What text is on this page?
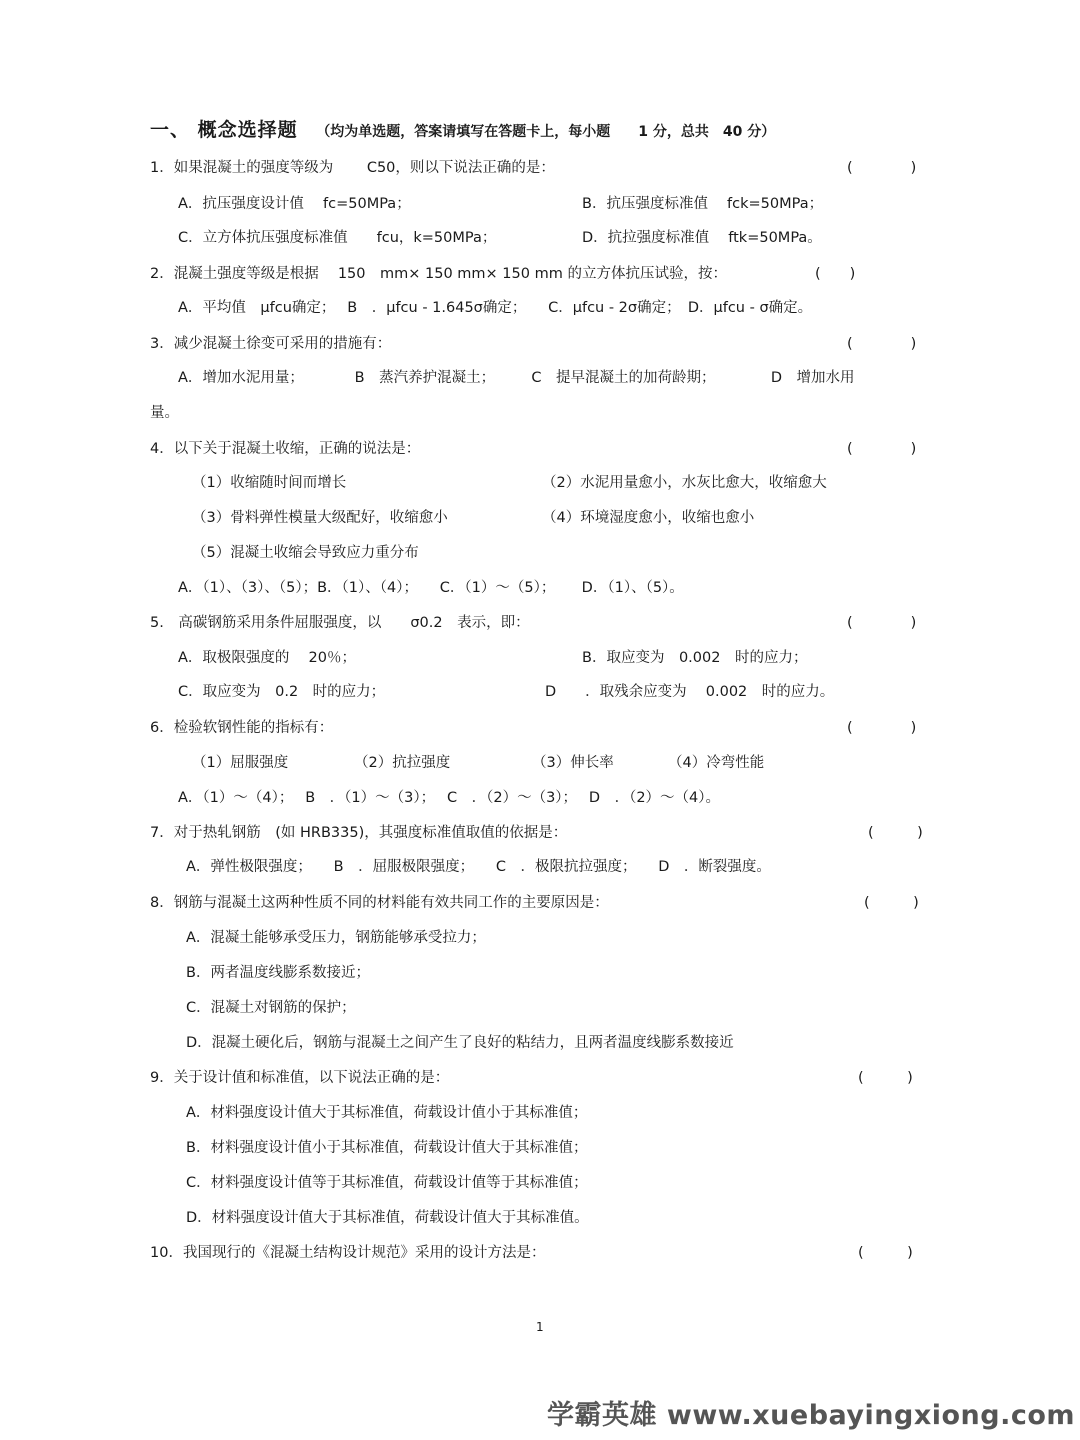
一、 概念选择题 （均为单选题，答案请填写在答题卡上，每小题　　1 分，总共　40 分）
1．如果混凝土的强度等级为　　 C50，则以下说法正确的是：	(　　　　)
A．抗压强度设计值　 fc=50MPa；	B．抗压强度标准值　 fck=50MPa；
C．立方体抗压强度标准值　　fcu，k=50MPa；	D．抗拉强度标准值　 ftk=50MPa。
2．混凝土强度等级是根据　 150　mm× 150 mm× 150 mm 的立方体抗压试验，按：	(　　)
A．平均值　μfcu确定；　 B　．μfcu - 1.645σ确定；　　C．μfcu - 2σ确定；　D．μfcu - σ确定。
3．减少混凝土徐变可采用的措施有：	(　　　　)
A．增加水泥用量；　　　　B　蒸汽养护混凝土；　　　C　提早混凝土的加荷龄期；　　　　 D　增加水用
量。
4．以下关于混凝土收缩，正确的说法是：	(　　　　)
（1）收缩随时间而增长	（2）水泥用量愈小，水灰比愈大，收缩愈大
（3）骨料弹性模量大级配好，收缩愈小	（4）环境湿度愈小，收缩也愈小
（5）混凝土收缩会导致应力重分布
A．（1）、（3）、（5）；B．（1）、（4）；　　C．（1）～（5）；　　 D．（1）、（5）。
5.　高碳钢筋采用条件屈服强度，以　　σ0.2　表示，即：	(　　　　)
A．取极限强度的　 20％；	B．取应变为　0.002　时的应力；
C．取应变为　0.2　时的应力；	D　　．取残余应变为　 0.002　时的应力。
6．检验软钢性能的指标有：	(　　　　)
（1）屈服强度	（2）抗拉强度	（3）伸长率	（4）冷弯性能
A．（1）～（4）；　 B　．（1）～（3）；　 C　．（2）～（3）；　 D　．（2）～（4）。
7．对于热轧钢筋　(如 HRB335)，其强度标准值取值的依据是：	(　　　)
A．弹性极限强度；　　B　．屈服极限强度；　　C　．极限抗拉强度；　　D　．断裂强度。
8．钢筋与混凝土这两种性质不同的材料能有效共同工作的主要原因是：	(　　　)
A．混凝土能够承受压力，钢筋能够承受拉力；
B．两者温度线膨系数接近；
C．混凝土对钢筋的保护；
D．混凝土硬化后，钢筋与混凝土之间产生了良好的粘结力，且两者温度线膨系数接近
9．关于设计值和标准值，以下说法正确的是：	(　　　)
A．材料强度设计值大于其标准值，荷载设计值小于其标准值；
B．材料强度设计值小于其标准值，荷载设计值大于其标准值；
C．材料强度设计值等于其标准值，荷载设计值等于其标准值；
D．材料强度设计值大于其标准值，荷载设计值大于其标准值。
10．我国现行的《混凝土结构设计规范》采用的设计方法是：	(　　　)
1
学霸英雄 www.xuebayingxiong.com
